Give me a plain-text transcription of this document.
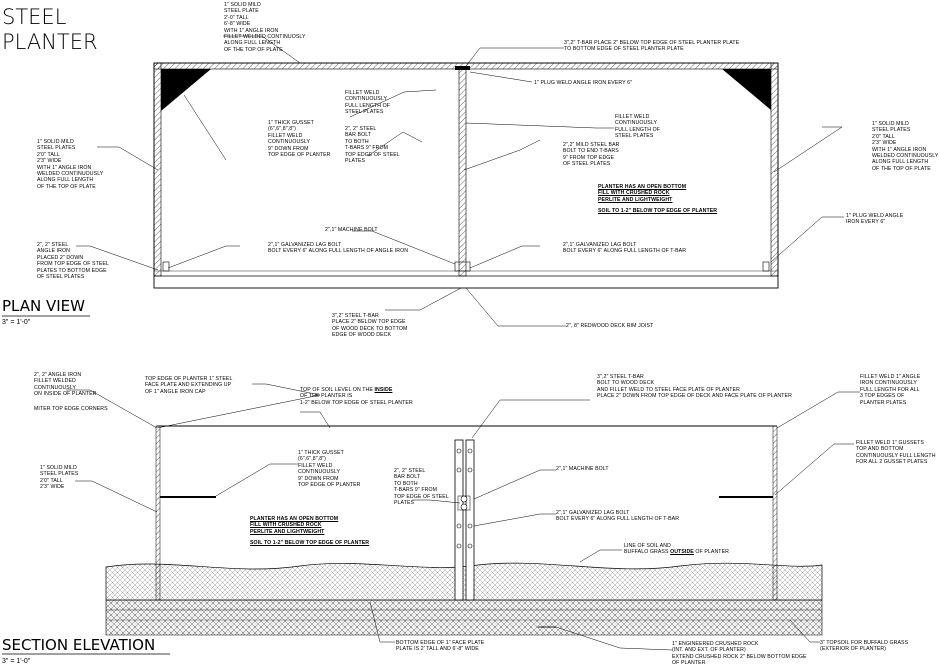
STEEL
PLANTER
PLAN VIEW
3" = 1'-0"
1" SOLID MILD
STEEL PLATE
2'-0" TALL
6'-8" WIDE
WITH 1" ANGLE IRON
FILLET WELDED CONTINUOSLY
ALONG FULL LENGTH
OF THE TOP OF PLATE
3",2" T-BAR PLACE 2" BELOW TOP EDGE OF STEEL PLANTER PLATE
TO BOTTOM EDGE OF STEEL PLANTER PLATE
1" PLUG WELD ANGLE IRON EVERY 6"
FILLET WELD
CONTINUOUSLY
FULL LENGTH OF
STEEL PLATES
1" THICK GUSSET
(6",6",8",8")
FILLET WELD
CONTINUOUSLY
9" DOWN FROM
TOP EDGE OF PLANTER
2", 2" STEEL
BAR BOLT
TO BOTH
T-BARS 9" FROM
TOP EDGE OF STEEL
PLATES
FILLET WELD
CONTINUOUSLY
FULL LENGTH OF
STEEL PLATES
2",2" MILD STEEL BAR
BOLT TO END T-BARS
9" FROM TOP EDGE
OF STEEL PLATES
PLANTER HAS AN OPEN BOTTOM
FILL WITH CRUSHED ROCK
PERLITE AND LIGHTWEIGHT
SOIL TO 1-2" BELOW TOP EDGE OF PLANTER
1" SOLID MILD
STEEL PLATES
2'0" TALL
2'3" WIDE
WITH 1" ANGLE IRON
WELDED CONTINUOUSLY
ALONG FULL LENGTH
OF THE TOP OF PLATE
1" SOLID MILD
STEEL PLATES
2'0" TALL
2'3" WIDE
WITH 1" ANGLE IRON
WELDED CONTINUOUSLY
ALONG FULL LENGTH
OF THE TOP OF PLATE
1" PLUG WELD ANGLE
IRON EVERY 6"
2", 2" STEEL
ANGLE IRON
PLACED 2" DOWN
FROM TOP EDGE OF STEEL
PLATES TO BOTTOM EDGE
OF STEEL PLATES
2",1" MACHINE BOLT
2",1" GALVANIZED LAG BOLT
BOLT EVERY 6" ALONG FULL LENGTH OF ANGLE IRON
2",1" GALVANIZED LAG BOLT
BOLT EVERY 6" ALONG FULL LENGTH OF T-BAR
3",2" STEEL T-BAR
PLACE 2" BELOW TOP EDGE
OF WOOD DECK TO BOTTOM
EDGE OF WOOD DECK
2", 8" REDWOOD DECK RIM JOIST
SECTION ELEVATION
3" = 1'-0"
2", 2" ANGLE IRON
FILLET WELDED
CONTINUOUSLY
ON INSIDE OF PLANTER
MITER TOP EDGE CORNERS
TOP EDGE OF PLANTER 1" STEEL
FACE PLATE AND EXTENDING UP
OF 1" ANGLE IRON CAP	TOP OF SOIL LEVEL ON THE INSIDE
OF THE PLANTER IS
1-2" BELOW TOP EDGE OF STEEL PLANTER
3",2" STEEL T-BAR
BOLT TO WOOD DECK
AND FILLET WELD TO STEEL FACE PLATE OF PLANTER
PLACE 2" DOWN FROM TOP EDGE OF DECK AND FACE PLATE OF PLANTER
FILLET WELD 1" ANGLE
IRON CONTINUOUSLY
FULL LENGTH FOR ALL
3 TOP EDGES OF
PLANTER PLATES
FILLET WELD 1" GUSSETS
TOP AND BOTTOM
CONTINUOUSLY FULL LENGTH
FOR ALL 2 GUSSET PLATES
1" SOLID MILD
STEEL PLATES
2'0" TALL
2'3" WIDE
1" THICK GUSSET
(6",6",8",8")
FILLET WELD
CONTINUOUSLY
9" DOWN FROM
TOP EDGE OF PLANTER
2", 2" STEEL
BAR BOLT
TO BOTH
T-BARS 9" FROM
TOP EDGE OF STEEL
PLATES
2",1" MACHINE BOLT
2",1" GALVANIZED LAG BOLT
BOLT EVERY 6" ALONG FULL LENGTH OF T-BAR
PLANTER HAS AN OPEN BOTTOM
FILL WITH CRUSHED ROCK
PERLITE AND LIGHTWEIGHT
SOIL TO 1-2" BELOW TOP EDGE OF PLANTER	LINE OF SOIL AND
BUFFALO GRASS OUTSIDE OF PLANTER
BOTTOM EDGE OF 1" FACE PLATE
PLATE IS 2' TALL AND 6'-8" WIDE
1" ENGINEERED CRUSHED ROCK
(INT. AND EXT. OF PLANTER)
EXTEND CRUSHED ROCK 2" BELOW BOTTOM EDGE
OF PLANTER
3" TOPSOIL FOR BUFFALO GRASS
(EXTERIOR OF PLANTER)
